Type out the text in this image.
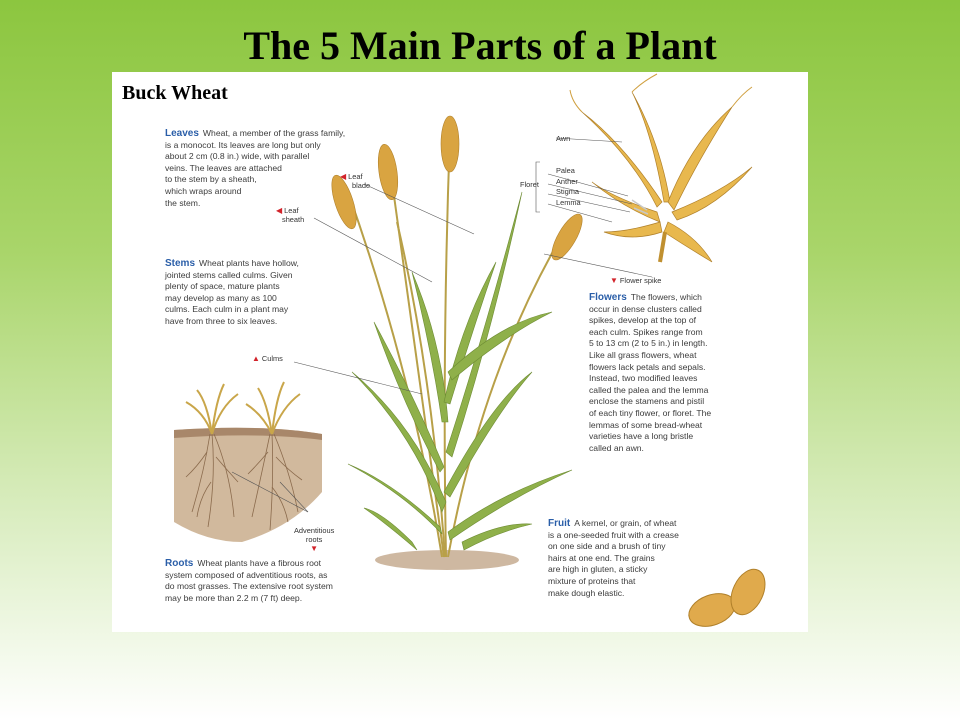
The 5 Main Parts of a Plant
Buck Wheat
Leaves Wheat, a member of the grass family,
is a monocot. Its leaves are long but only
about 2 cm (0.8 in.) wide, with parallel
veins. The leaves are attached
to the stem by a sheath,
which wraps around
the stem.
Stems Wheat plants have hollow,
jointed stems called culms. Given
plenty of space, mature plants
may develop as many as 100
culms. Each culm in a plant may
have from three to six leaves.
Flowers The flowers, which
occur in dense clusters called
spikes, develop at the top of
each culm. Spikes range from
5 to 13 cm (2 to 5 in.) in length.
Like all grass flowers, wheat
flowers lack petals and sepals.
Instead, two modified leaves
called the palea and the lemma
enclose the stamens and pistil
of each tiny flower, or floret. The
lemmas of some bread-wheat
varieties have a long bristle
called an awn.
Fruit A kernel, or grain, of wheat
is a one-seeded fruit with a crease
on one side and a brush of tiny
hairs at one end. The grains
are high in gluten, a sticky
mixture of proteins that
make dough elastic.
Roots Wheat plants have a fibrous root
system composed of adventitious roots, as
do most grasses. The extensive root system
may be more than 2.2 m (7 ft) deep.
◀ Leaf
blade
◀ Leaf
sheath
▲ Culms
▼ Flower spike
Adventitious
roots
▼
Awn
Floret
Palea
Anther
Stigma
Lemma
